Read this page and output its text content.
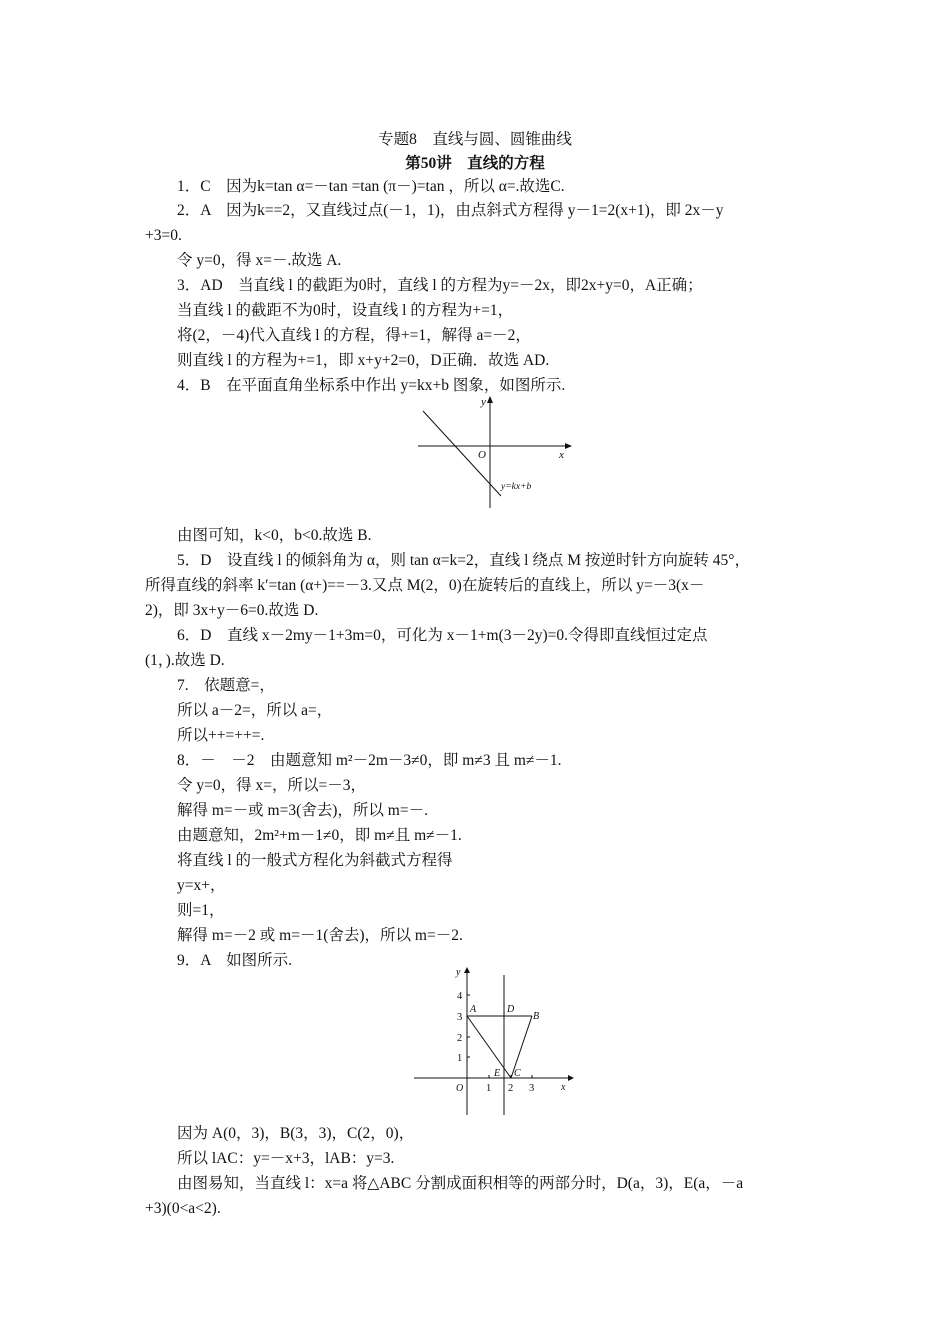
专题8　直线与圆、圆锥曲线
第50讲　直线的方程
1．C　因为k=tan α=－tan =tan (π－)=tan ，所以 α=.故选C.
2．A　因为k==2，又直线过点(－1，1)，由点斜式方程得 y－1=2(x+1)，即 2x－y
+3=0.
令 y=0，得 x=－.故选 A.
3．AD　当直线 l 的截距为0时，直线 l 的方程为y=－2x，即2x+y=0，A正确；
当直线 l 的截距不为0时，设直线 l 的方程为+=1，
将(2，－4)代入直线 l 的方程，得+=1，解得 a=－2，
则直线 l 的方程为+=1，即 x+y+2=0，D正确．故选 AD.
4．B　在平面直角坐标系中作出 y=kx+b 图象，如图所示.
x
y
O
y=kx+b
由图可知，k<0，b<0.故选 B.
5．D　设直线 l 的倾斜角为 α，则 tan α=k=2，直线 l 绕点 M 按逆时针方向旋转 45°，
所得直线的斜率 k′=tan (α+)==－3.又点 M(2，0)在旋转后的直线上，所以 y=－3(x－
2)，即 3x+y－6=0.故选 D.
6．D　直线 x－2my－1+3m=0，可化为 x－1+m(3－2y)=0.令得即直线恒过定点
(1，).故选 D.
7.　依题意=，
所以 a－2=，所以 a=，
所以++=++=.
8．－　－2　由题意知 m²－2m－3≠0，即 m≠3 且 m≠－1.
令 y=0，得 x=，所以=－3，
解得 m=－或 m=3(舍去)，所以 m=－.
由题意知，2m²+m－1≠0，即 m≠且 m≠－1.
将直线 l 的一般式方程化为斜截式方程得
y=x+，
则=1，
解得 m=－2 或 m=－1(舍去)，所以 m=－2.
9．A　如图所示.
x
y
O
4
3
2
1
1 2 3
A	D
B
E C
因为 A(0，3)，B(3，3)，C(2，0)，
所以 lAC：y=－x+3，lAB：y=3.
由图易知，当直线 l：x=a 将△ABC 分割成面积相等的两部分时，D(a，3)，E(a，－a
+3)(0<a<2).
